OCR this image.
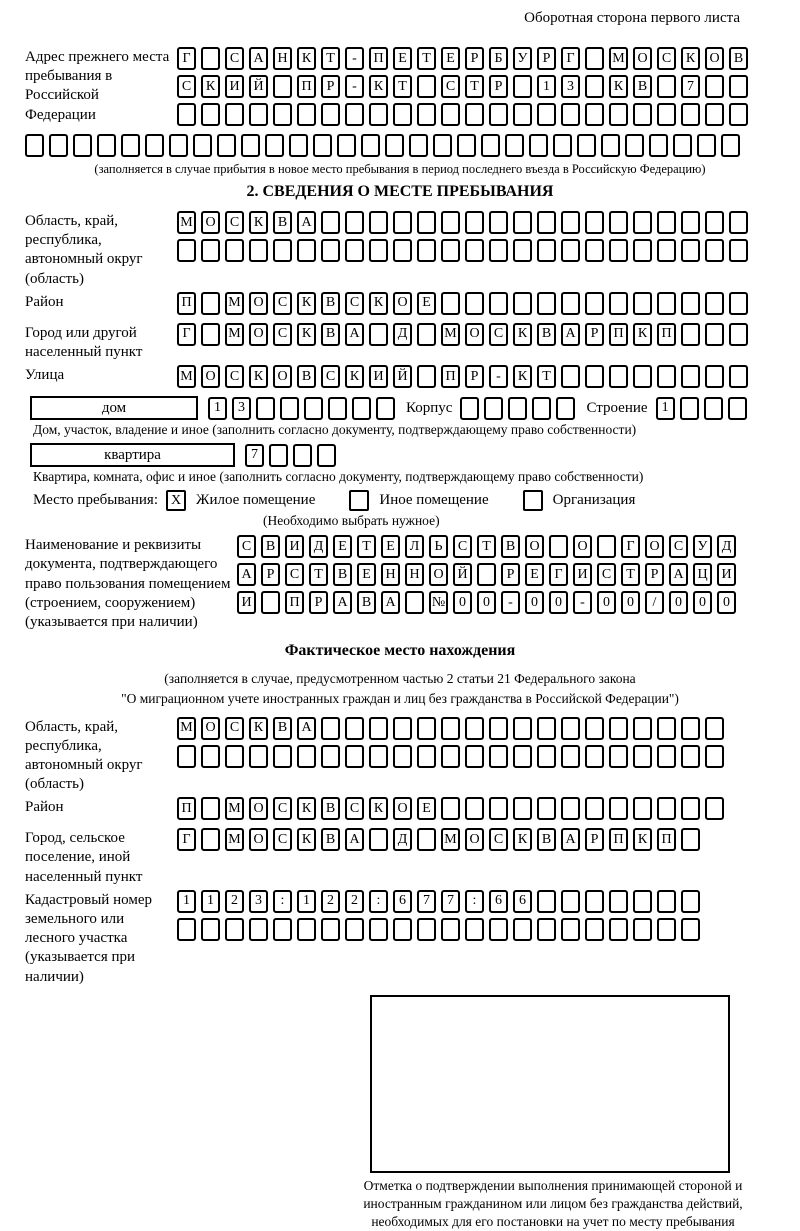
Оборотная сторона первого листа
Адрес прежнего места пребывания в Российской Федерации
Г	С	А Н	К	Т	-	П	Е	Т	Е	Р	Б	У	Р	Г	М О	С	К	О	В
С	К	И Й	П	Р	-	К	Т	С	Т	Р	1	3	К	В	7
(заполняется в случае прибытия в новое место пребывания в период последнего въезда в Российскую Федерацию)
2. СВЕДЕНИЯ О МЕСТЕ ПРЕБЫВАНИЯ
Область, край, республика, автономный округ (область)
М О	С	К	В	А
Район	П	М О	С	К	В	С	К	О	Е
Город или другой населенный пункт
Г	М О	С	К	В	А	Д	М О	С	К	В	А	Р	П	К	П
Улица	М О	С	К	О	В	С	К	И Й	П	Р	-	К	Т
дом	1	3	Корпус	Строение	1
Дом, участок, владение и иное (заполнить согласно документу, подтверждающему право собственности)
квартира	7
Квартира, комната, офис и иное (заполнить согласно документу, подтверждающему право собственности)
Место пребывания: X Жилое помещение	Иное помещение	Организация
(Необходимо выбрать нужное)
Наименование и реквизиты документа, подтверждающего право пользования помещением (строением, сооружением) (указывается при наличии)
С	В	И	Д	Е	Т	Е	Л	Ь	С	Т	В	О	О	Г	О	С	У	Д
А	Р	С	Т	В	Е	Н Н О Й	Р	Е	Г	И	С	Т	Р	А Ц И
И	П	Р	А	В	А	№ 0	0	-	0	0	-	0	0	/	0	0	0
Фактическое место нахождения
(заполняется в случае, предусмотренном частью 2 статьи 21 Федерального закона
"О миграционном учете иностранных граждан и лиц без гражданства в Российской Федерации")
Область, край, республика, автономный округ (область)
М О	С	К	В	А
Район	П	М О	С	К	В	С	К	О	Е
Город, сельское поселение, иной населенный пункт
Г	М О	С	К	В	А	Д	М О	С	К	В	А	Р	П	К	П
Кадастровый номер земельного или лесного участка (указывается при наличии)
1	1	2	3	:	1	2	2	:	6	7	7	:	6	6
Отметка о подтверждении выполнения принимающей стороной и иностранным гражданином или лицом без гражданства действий, необходимых для его постановки на учет по месту пребывания
